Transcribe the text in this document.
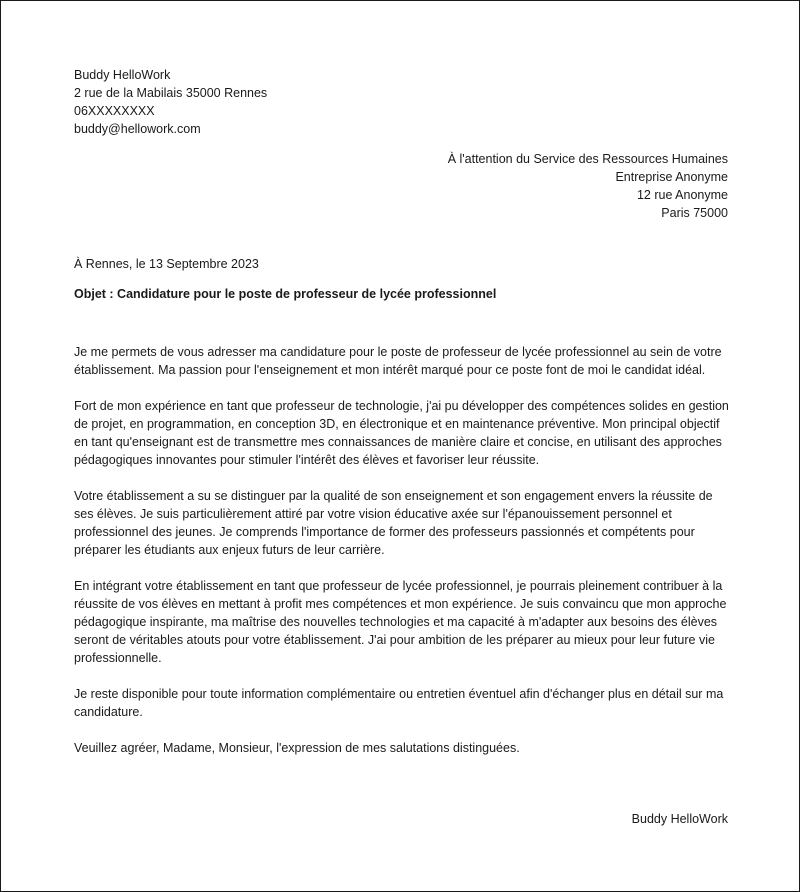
Buddy HelloWork
2 rue de la Mabilais 35000 Rennes
06XXXXXXXX
buddy@hellowork.com
À l'attention du Service des Ressources Humaines
Entreprise Anonyme
12 rue Anonyme
Paris 75000
À Rennes, le 13 Septembre 2023
Objet : Candidature pour le poste de professeur de lycée professionnel

Je me permets de vous adresser ma candidature pour le poste de professeur de lycée professionnel au sein de votre établissement. Ma passion pour l'enseignement et mon intérêt marqué pour ce poste font de moi le candidat idéal.

Fort de mon expérience en tant que professeur de technologie, j'ai pu développer des compétences solides en gestion de projet, en programmation, en conception 3D, en électronique et en maintenance préventive. Mon principal objectif en tant qu'enseignant est de transmettre mes connaissances de manière claire et concise, en utilisant des approches pédagogiques innovantes pour stimuler l'intérêt des élèves et favoriser leur réussite.

Votre établissement a su se distinguer par la qualité de son enseignement et son engagement envers la réussite de ses élèves. Je suis particulièrement attiré par votre vision éducative axée sur l'épanouissement personnel et professionnel des jeunes. Je comprends l'importance de former des professeurs passionnés et compétents pour préparer les étudiants aux enjeux futurs de leur carrière.

En intégrant votre établissement en tant que professeur de lycée professionnel, je pourrais pleinement contribuer à la réussite de vos élèves en mettant à profit mes compétences et mon expérience. Je suis convaincu que mon approche pédagogique inspirante, ma maîtrise des nouvelles technologies et ma capacité à m'adapter aux besoins des élèves seront de véritables atouts pour votre établissement. J'ai pour ambition de les préparer au mieux pour leur future vie professionnelle.

Je reste disponible pour toute information complémentaire ou entretien éventuel afin d'échanger plus en détail sur ma candidature.

Veuillez agréer, Madame, Monsieur, l'expression de mes salutations distinguées.

Buddy HelloWork
